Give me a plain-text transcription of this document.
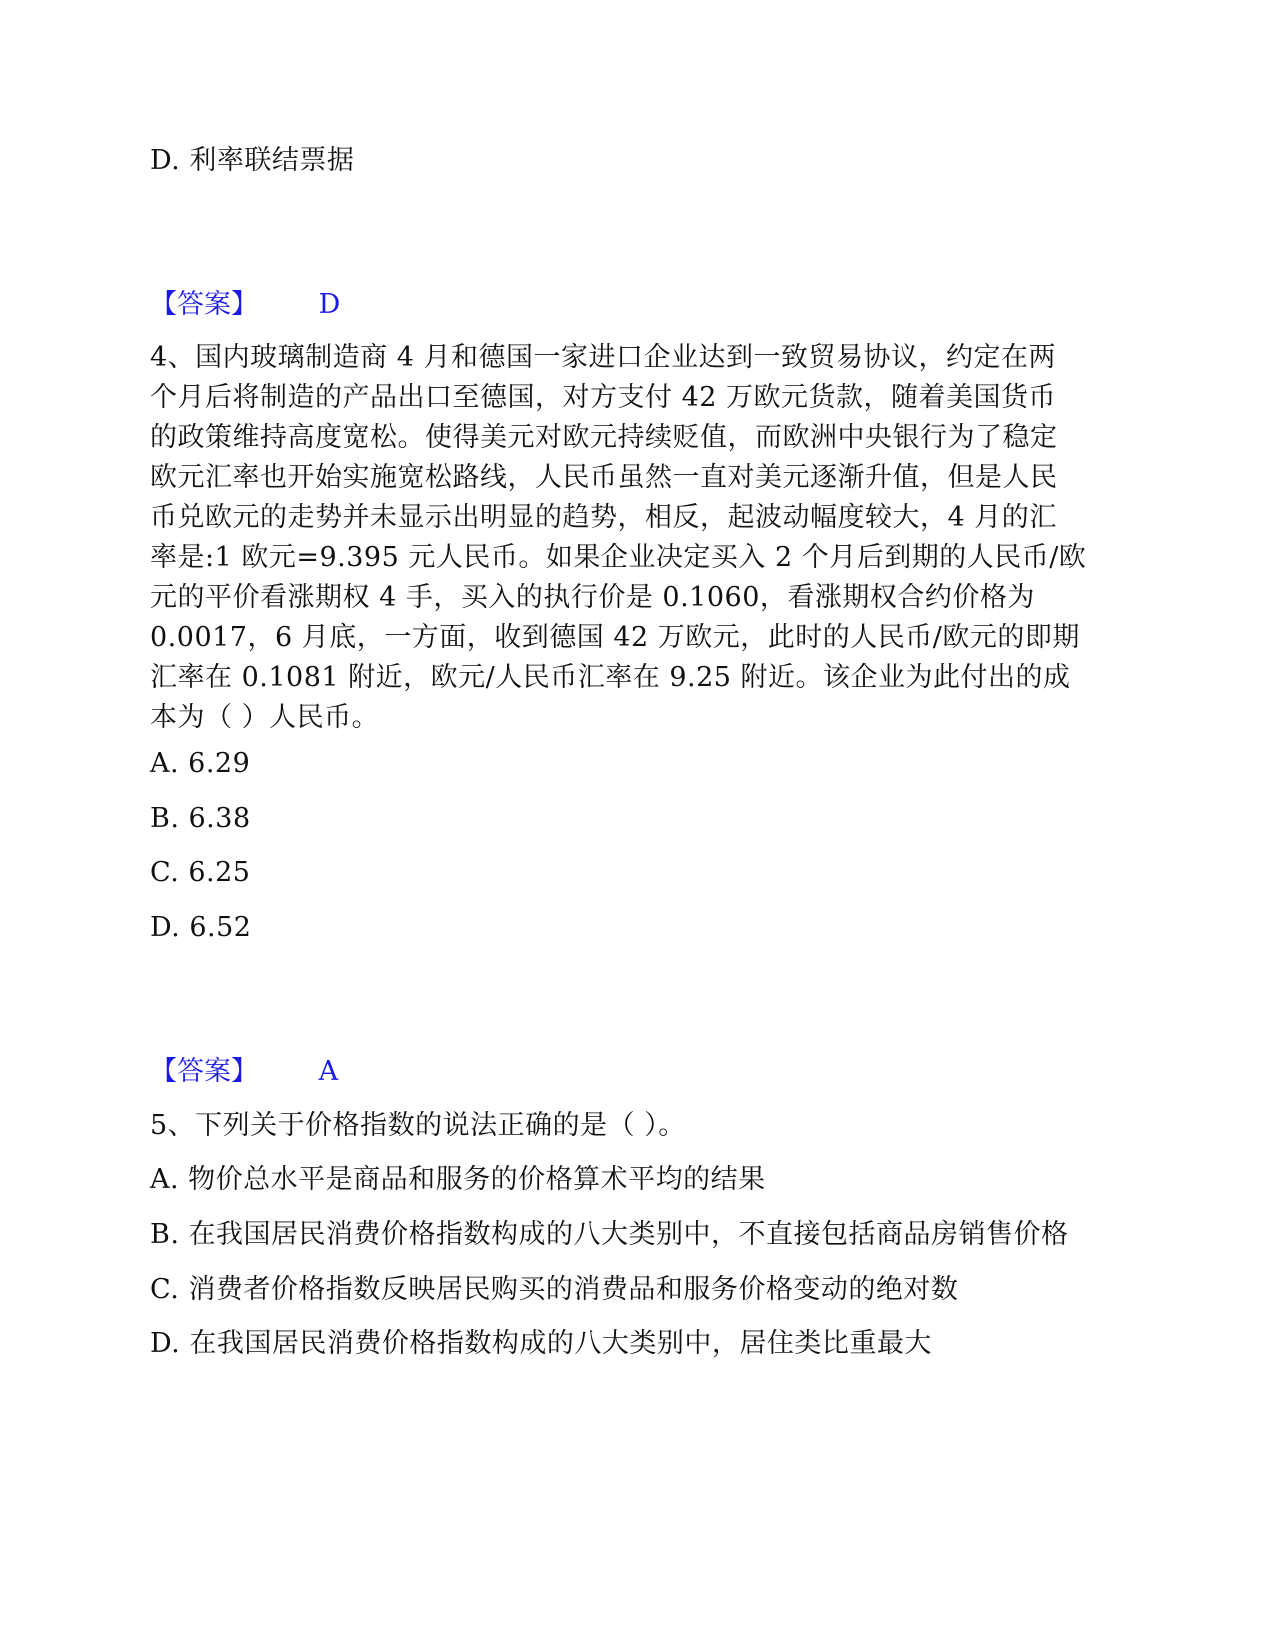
D. 利率联结票据
【答案】 D
4、国内玻璃制造商 4 月和德国一家进口企业达到一致贸易协议，约定在两
个月后将制造的产品出口至德国，对方支付 42 万欧元货款，随着美国货币
的政策维持高度宽松。使得美元对欧元持续贬值，而欧洲中央银行为了稳定
欧元汇率也开始实施宽松路线，人民币虽然一直对美元逐渐升值，但是人民
币兑欧元的走势并未显示出明显的趋势，相反，起波动幅度较大，4 月的汇
率是:1 欧元=9.395 元人民币。如果企业决定买入 2 个月后到期的人民币/欧
元的平价看涨期权 4 手，买入的执行价是 0.1060，看涨期权合约价格为
0.0017，6 月底，一方面，收到德国 42 万欧元，此时的人民币/欧元的即期
汇率在 0.1081 附近，欧元/人民币汇率在 9.25 附近。该企业为此付出的成
本为（ ）人民币。
A. 6.29
B. 6.38
C. 6.25
D. 6.52
【答案】 A
5、下列关于价格指数的说法正确的是（ ）。
A. 物价总水平是商品和服务的价格算术平均的结果
B. 在我国居民消费价格指数构成的八大类别中，不直接包括商品房销售价格
C. 消费者价格指数反映居民购买的消费品和服务价格变动的绝对数
D. 在我国居民消费价格指数构成的八大类别中，居住类比重最大
